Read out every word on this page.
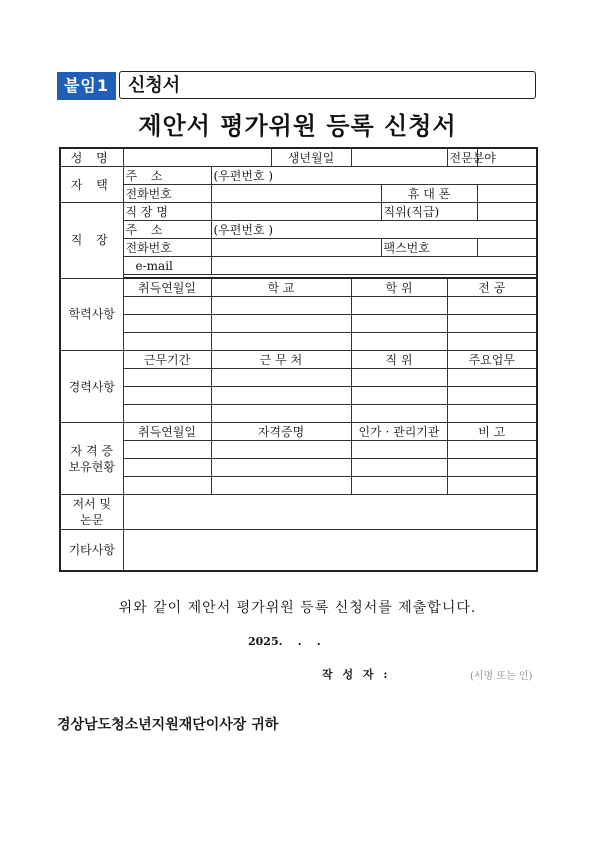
붙임1	신청서
제안서 평가위원 등록 신청서
성 명			생년월일			전문분야	
자 택	주 소	(우편번호 )					
	전화번호				휴 대 폰		
직 장	직 장 명				직위(직급)		
	주 소	(우편번호 )					
	전화번호				팩스번호		
	e-mail						

학력사항	취득연월일	학 교		학 위		전 공	

경력사항	근무기간	근 무 처		직 위		주요업무	

자 격 증
보유현황	취득연월일	자격증명		인가 · 관리기관		비 고	

저서 및
논문							
기타사항							
위와 같이 제안서 평가위원 등록 신청서를 제출합니다.
2025.    .    .
작 성 자 :	(서명 또는 인)
경상남도청소년지원재단이사장 귀하
